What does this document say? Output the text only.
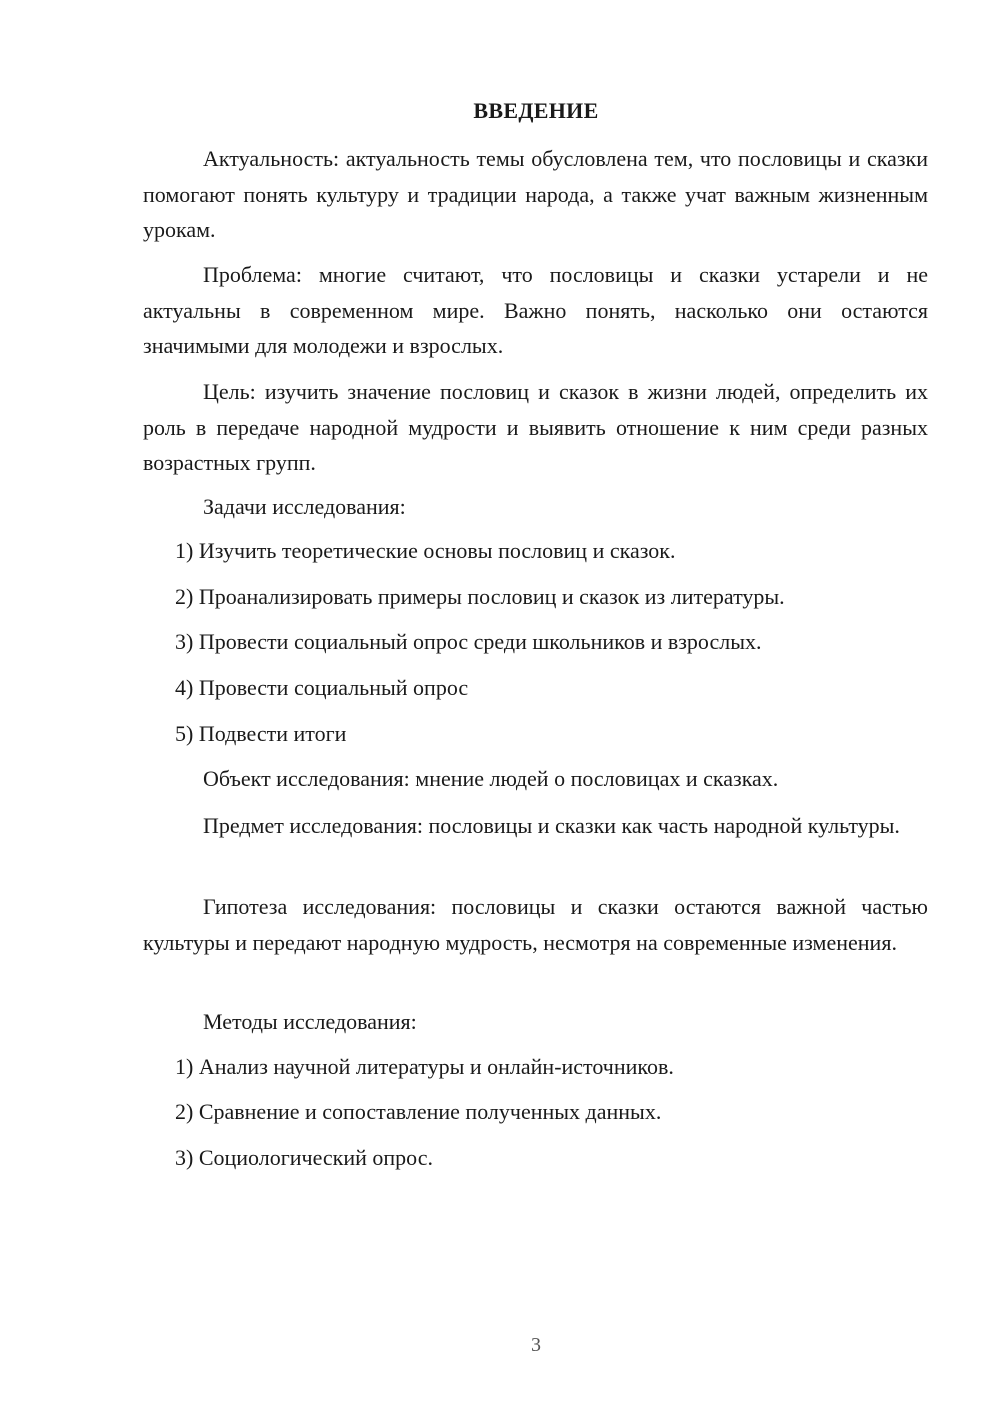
ВВЕДЕНИЕ
Актуальность: актуальность темы обусловлена тем, что пословицы и сказки помогают понять культуру и традиции народа, а также учат важным жизненным урокам.
Проблема: многие считают, что пословицы и сказки устарели и не актуальны в современном мире. Важно понять, насколько они остаются значимыми для молодежи и взрослых.
Цель: изучить значение пословиц и сказок в жизни людей, определить их роль в передаче народной мудрости и выявить отношение к ним среди разных возрастных групп.
Задачи исследования:
1) Изучить теоретические основы пословиц и сказок.
2) Проанализировать примеры пословиц и сказок из литературы.
3) Провести социальный опрос среди школьников и взрослых.
4) Провести социальный опрос
5) Подвести итоги
Объект исследования: мнение людей о пословицах и сказках.
Предмет исследования: пословицы и сказки как часть народной культуры.
Гипотеза исследования: пословицы и сказки остаются важной частью культуры и передают народную мудрость, несмотря на современные изменения.
Методы исследования:
1) Анализ научной литературы и онлайн-источников.
2) Сравнение и сопоставление полученных данных.
3) Социологический опрос.
3
